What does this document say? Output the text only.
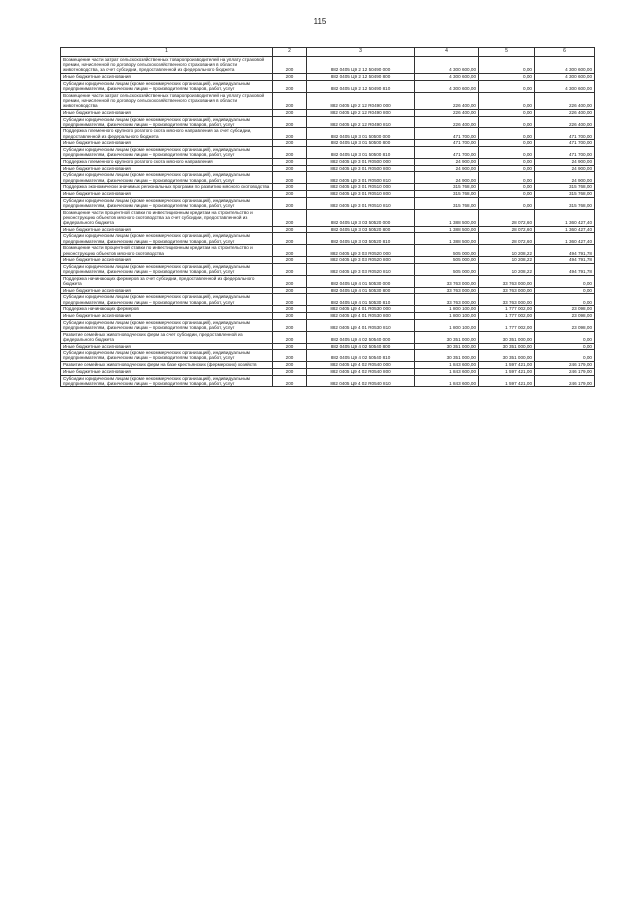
115
1	2	3	4	5	6
Возмещение части затрат сельскохозяйственных товаропроизводителей на уплату страховой премии, начисленной по договору сельскохозяйственного страхования в области животноводства, за счет субсидии, предоставленной из федерального бюджета	200	882 0405 Ц9 2 12 50490 000	4 300 600,00	0,00	4 300 600,00
Иные бюджетные ассигнования	200	882 0405 Ц9 2 12 50490 800	4 300 600,00	0,00	4 300 600,00
Субсидии юридическим лицам (кроме некоммерческих организаций), индивидуальным предпринимателям, физическим лицам – производителям товаров, работ, услуг	200	882 0405 Ц9 2 12 50490 810	4 300 600,00	0,00	4 300 600,00
Возмещение части затрат сельскохозяйственных товаропроизводителей на уплату страховой премии, начисленной по договору сельскохозяйственного страхования в области животноводства	200	882 0405 Ц9 2 12 R0490 000	226 400,00	0,00	226 400,00
Иные бюджетные ассигнования	200	882 0405 Ц9 2 12 R0490 800	226 400,00	0,00	226 400,00
Субсидии юридическим лицам (кроме некоммерческих организаций), индивидуальным предпринимателям, физическим лицам – производителям товаров, работ, услуг	200	882 0405 Ц9 2 12 R0490 810	226 400,00	0,00	226 400,00
Поддержка племенного крупного рогатого скота мясного направления за счет субсидии, предоставленной из федерального бюджета	200	882 0405 Ц9 3 01 50500 000	471 700,00	0,00	471 700,00
Иные бюджетные ассигнования	200	882 0405 Ц9 3 01 50500 800	471 700,00	0,00	471 700,00
Субсидии юридическим лицам (кроме некоммерческих организаций), индивидуальным предпринимателям, физическим лицам – производителям товаров, работ, услуг	200	882 0405 Ц9 3 01 50500 810	471 700,00	0,00	471 700,00
Поддержка племенного крупного рогатого скота мясного направления	200	882 0405 Ц9 3 01 R0500 000	24 900,00	0,00	24 900,00
Иные бюджетные ассигнования	200	882 0405 Ц9 3 01 R0500 800	24 900,00	0,00	24 900,00
Субсидии юридическим лицам (кроме некоммерческих организаций), индивидуальным предпринимателям, физическим лицам – производителям товаров, работ, услуг	200	882 0405 Ц9 3 01 R0500 810	24 900,00	0,00	24 900,00
Поддержка экономически значимых региональных программ по развитию мясного скотоводства	200	882 0405 Ц9 3 01 R0510 000	315 768,00	0,00	315 768,00
Иные бюджетные ассигнования	200	882 0405 Ц9 3 01 R0510 800	315 768,00	0,00	315 768,00
Субсидии юридическим лицам (кроме некоммерческих организаций), индивидуальным предпринимателям, физическим лицам – производителям товаров, работ, услуг	200	882 0405 Ц9 3 01 R0510 810	315 768,00	0,00	315 768,00
Возмещение части процентной ставки по инвестиционным кредитам на строительство и реконструкцию объектов мясного скотоводства за счет субсидии, предоставленной из федерального бюджета	200	882 0405 Ц9 3 03 50520 000	1 388 500,00	28 072,60	1 360 427,40
Иные бюджетные ассигнования	200	882 0405 Ц9 3 03 50520 800	1 388 500,00	28 072,60	1 360 427,40
Субсидии юридическим лицам (кроме некоммерческих организаций), индивидуальным предпринимателям, физическим лицам – производителям товаров, работ, услуг	200	882 0405 Ц9 3 03 50520 810	1 388 500,00	28 072,60	1 360 427,40
Возмещение части процентной ставки по инвестиционным кредитам на строительство и реконструкцию объектов мясного скотоводства	200	882 0405 Ц9 3 03 R0520 000	505 000,00	10 208,22	494 791,78
Иные бюджетные ассигнования	200	882 0405 Ц9 3 03 R0520 800	505 000,00	10 208,22	494 791,78
Субсидии юридическим лицам (кроме некоммерческих организаций), индивидуальным предпринимателям, физическим лицам – производителям товаров, работ, услуг	200	882 0405 Ц9 3 03 R0520 810	505 000,00	10 208,22	494 791,78
Поддержка начинающих фермеров за счет субсидии, предоставленной из федерального бюджета	200	882 0405 Ц9 4 01 50530 000	33 763 000,00	33 763 000,00	0,00
Иные бюджетные ассигнования	200	882 0405 Ц9 4 01 50530 800	33 763 000,00	33 763 000,00	0,00
Субсидии юридическим лицам (кроме некоммерческих организаций), индивидуальным предпринимателям, физическим лицам – производителям товаров, работ, услуг	200	882 0405 Ц9 4 01 50530 810	33 763 000,00	33 763 000,00	0,00
Поддержка начинающих фермеров	200	882 0405 Ц9 4 01 R0530 000	1 800 100,00	1 777 002,00	23 098,00
Иные бюджетные ассигнования	200	882 0405 Ц9 4 01 R0530 800	1 800 100,00	1 777 002,00	23 098,00
Субсидии юридическим лицам (кроме некоммерческих организаций), индивидуальным предпринимателям, физическим лицам – производителям товаров, работ, услуг	200	882 0405 Ц9 4 01 R0530 810	1 800 100,00	1 777 002,00	23 098,00
Развитие семейных животноводческих ферм за счет субсидии, предоставленной из федерального бюджета	200	882 0405 Ц9 4 02 50540 000	30 351 000,00	30 351 000,00	0,00
Иные бюджетные ассигнования	200	882 0405 Ц9 4 02 50540 800	30 351 000,00	30 351 000,00	0,00
Субсидии юридическим лицам (кроме некоммерческих организаций), индивидуальным предпринимателям, физическим лицам – производителям товаров, работ, услуг	200	882 0405 Ц9 4 02 50540 810	30 351 000,00	30 351 000,00	0,00
Развитие семейных животноводческих ферм на базе крестьянских (фермерских) хозяйств	200	882 0405 Ц9 4 02 R0540 000	1 843 600,00	1 597 421,00	246 179,00
Иные бюджетные ассигнования	200	882 0405 Ц9 4 02 R0540 800	1 843 600,00	1 597 421,00	246 179,00
Субсидии юридическим лицам (кроме некоммерческих организаций), индивидуальным предпринимателям, физическим лицам – производителям товаров, работ, услуг	200	882 0405 Ц9 4 02 R0540 810	1 843 600,00	1 597 421,00	246 179,00
